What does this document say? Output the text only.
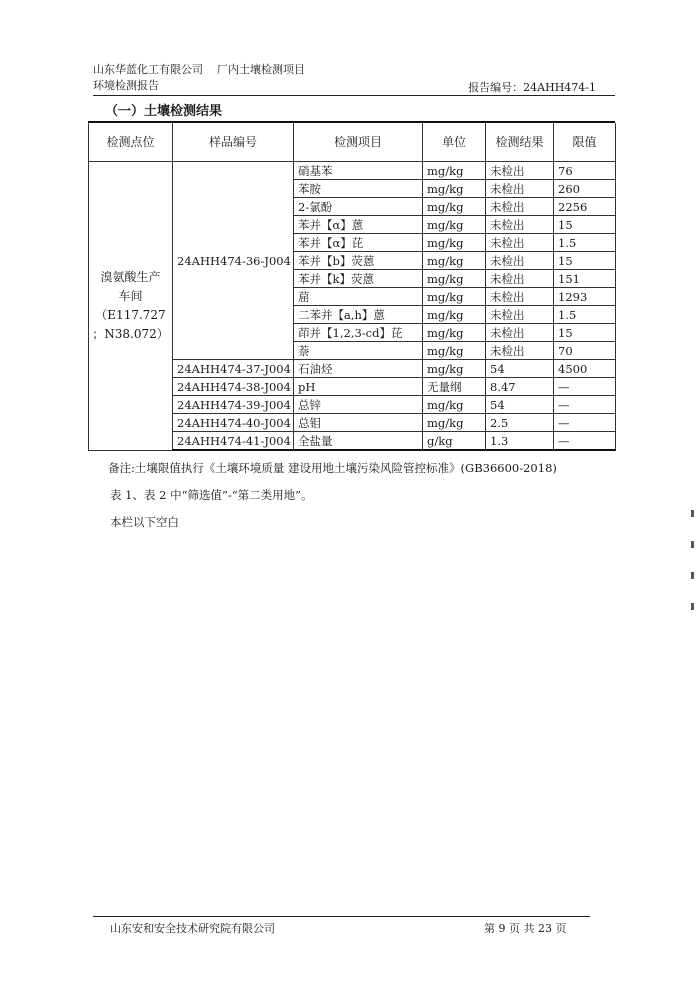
山东华蓝化工有限公司 厂内土壤检测项目
环境检测报告	报告编号：24AHH474-1
（一）土壤检测结果
检测点位	样品编号	检测项目	单位	检测结果	限值

溴氨酸生产
车间
（E117.727
；N38.072）	24AHH474-36-J004	硝基苯	mg/kg	未检出	76
		苯胺	mg/kg	未检出	260
		2-氯酚	mg/kg	未检出	2256
		苯并【α】蒽	mg/kg	未检出	15
		苯并【α】芘	mg/kg	未检出	1.5
		苯并【b】荧蒽	mg/kg	未检出	15
		苯并【k】荧蒽	mg/kg	未检出	151
		䓛	mg/kg	未检出	1293
		二苯并【a,h】蒽	mg/kg	未检出	1.5
		茚并【1,2,3-cd】芘	mg/kg	未检出	15
		萘	mg/kg	未检出	70
	24AHH474-37-J004	石油烃	mg/kg	54	4500
	24AHH474-38-J004	pH	无量纲	8.47	—
	24AHH474-39-J004	总锌	mg/kg	54	—
	24AHH474-40-J004	总钼	mg/kg	2.5	—
	24AHH474-41-J004	全盐量	g/kg	1.3	—
备注:土壤限值执行《土壤环境质量 建设用地土壤污染风险管控标准》(GB36600-2018)
表 1、表 2 中“筛选值”-“第二类用地”。
本栏以下空白
山东安和安全技术研究院有限公司	第 9 页 共 23 页
